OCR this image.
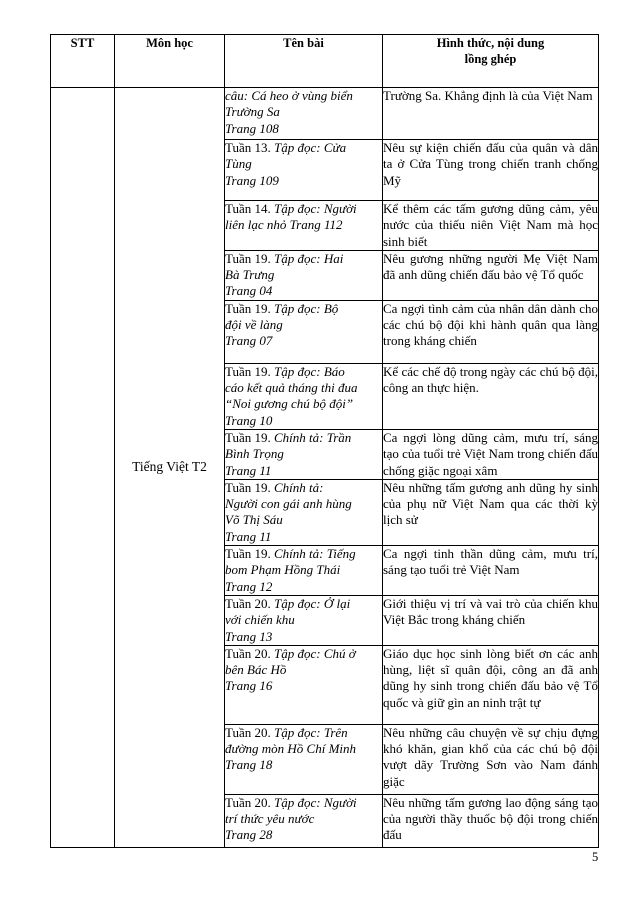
STT	Môn học	Tên bài	Hình thức, nội dung
lồng ghép

	Tiếng Việt T2	câu: Cá heo ở vùng biển
Trường Sa
Trang 108	Trường Sa. Khẳng định là của Việt Nam

		Tuần 13. Tập đọc: Cửa
Tùng
Trang 109	Nêu sự kiện chiến đấu của quân và dân ta ở Cửa Tùng trong chiến tranh chống Mỹ

		Tuần 14. Tập đọc: Người
liên lạc nhỏ Trang 112	Kể thêm các tấm gương dũng cảm, yêu nước của thiếu niên Việt Nam mà học sinh biết

		Tuần 19. Tập đọc: Hai
Bà Trưng
Trang 04	Nêu gương những người Mẹ Việt Nam đã anh dũng chiến đấu bảo vệ Tổ quốc

		Tuần 19. Tập đọc: Bộ
đội về làng
Trang 07	Ca ngợi tình cảm của nhân dân dành cho các chú bộ đội khi hành quân qua làng trong kháng chiến

		Tuần 19. Tập đọc: Báo
cáo kết quả tháng thi đua
“Noi gương chú bộ đội”
Trang 10	Kể các chế độ trong ngày các chú bộ đội, công an thực hiện.

		Tuần 19. Chính tả: Trần
Bình Trọng
Trang 11	Ca ngợi lòng dũng cảm, mưu trí, sáng tạo của tuổi trẻ Việt Nam trong chiến đấu chống giặc ngoại xâm

		Tuần 19. Chính tả:
Người con gái anh hùng
Võ Thị Sáu
Trang 11	Nêu những tấm gương anh dũng hy sinh của phụ nữ Việt Nam qua các thời kỳ lịch sử

		Tuần 19. Chính tả: Tiếng
bom Phạm Hồng Thái
Trang 12	Ca ngợi tinh thần dũng cảm, mưu trí, sáng tạo tuổi trẻ Việt Nam

		Tuần 20. Tập đọc: Ở lại
với chiến khu
Trang 13	Giới thiệu vị trí và vai trò của chiến khu Việt Bắc trong kháng chiến

		Tuần 20. Tập đọc: Chú ở
bên Bác Hồ
Trang 16	Giáo dục học sinh lòng biết ơn các anh hùng, liệt sĩ quân đội, công an đã anh dũng hy sinh trong chiến đấu bảo vệ Tổ quốc và giữ gìn an ninh trật tự

		Tuần 20. Tập đọc: Trên
đường mòn Hồ Chí Minh
Trang 18	Nêu những câu chuyện về sự chịu đựng khó khăn, gian khổ của các chú bộ đội vượt dãy Trường Sơn vào Nam đánh giặc

		Tuần 20. Tập đọc: Người
trí thức yêu nước
Trang 28	Nêu những tấm gương lao động sáng tạo của người thầy thuốc bộ đội trong chiến đấu
5
